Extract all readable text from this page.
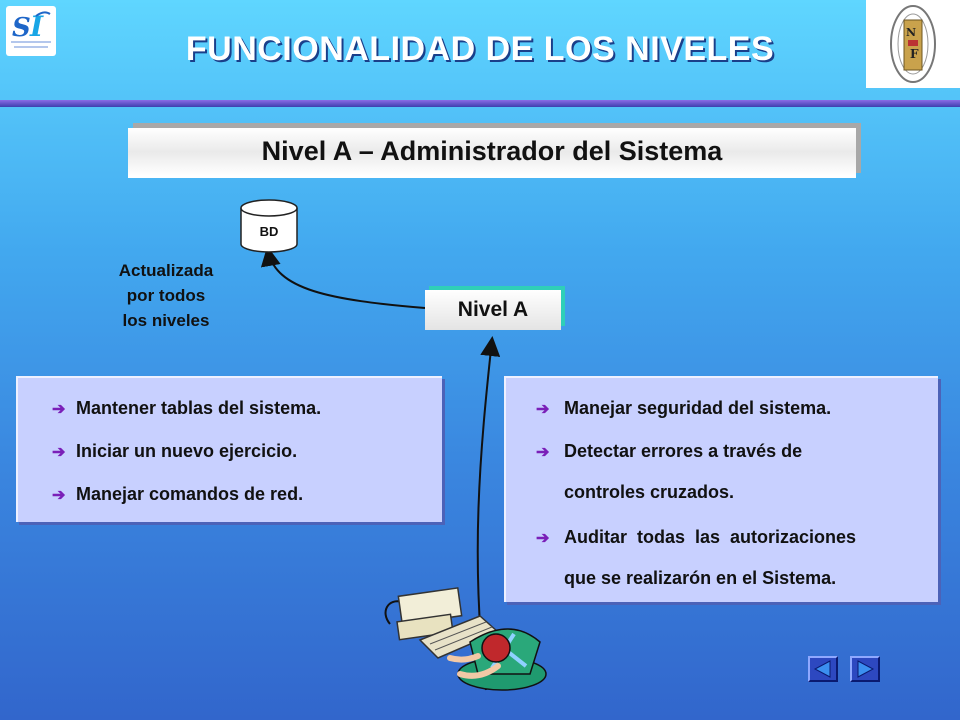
S I	N
F
FUNCIONALIDAD DE LOS NIVELES
Nivel A – Administrador del Sistema
BD
Actualizada
por todos
los niveles	Nivel A
➔ Mantener tablas del sistema.
➔ Iniciar un nuevo ejercicio.
➔ Manejar comandos de red.
➔ Manejar seguridad del sistema.
➔ Detectar errores a través de
controles cruzados.
➔ Auditar todas las autorizaciones
que se realizarón en el Sistema.
